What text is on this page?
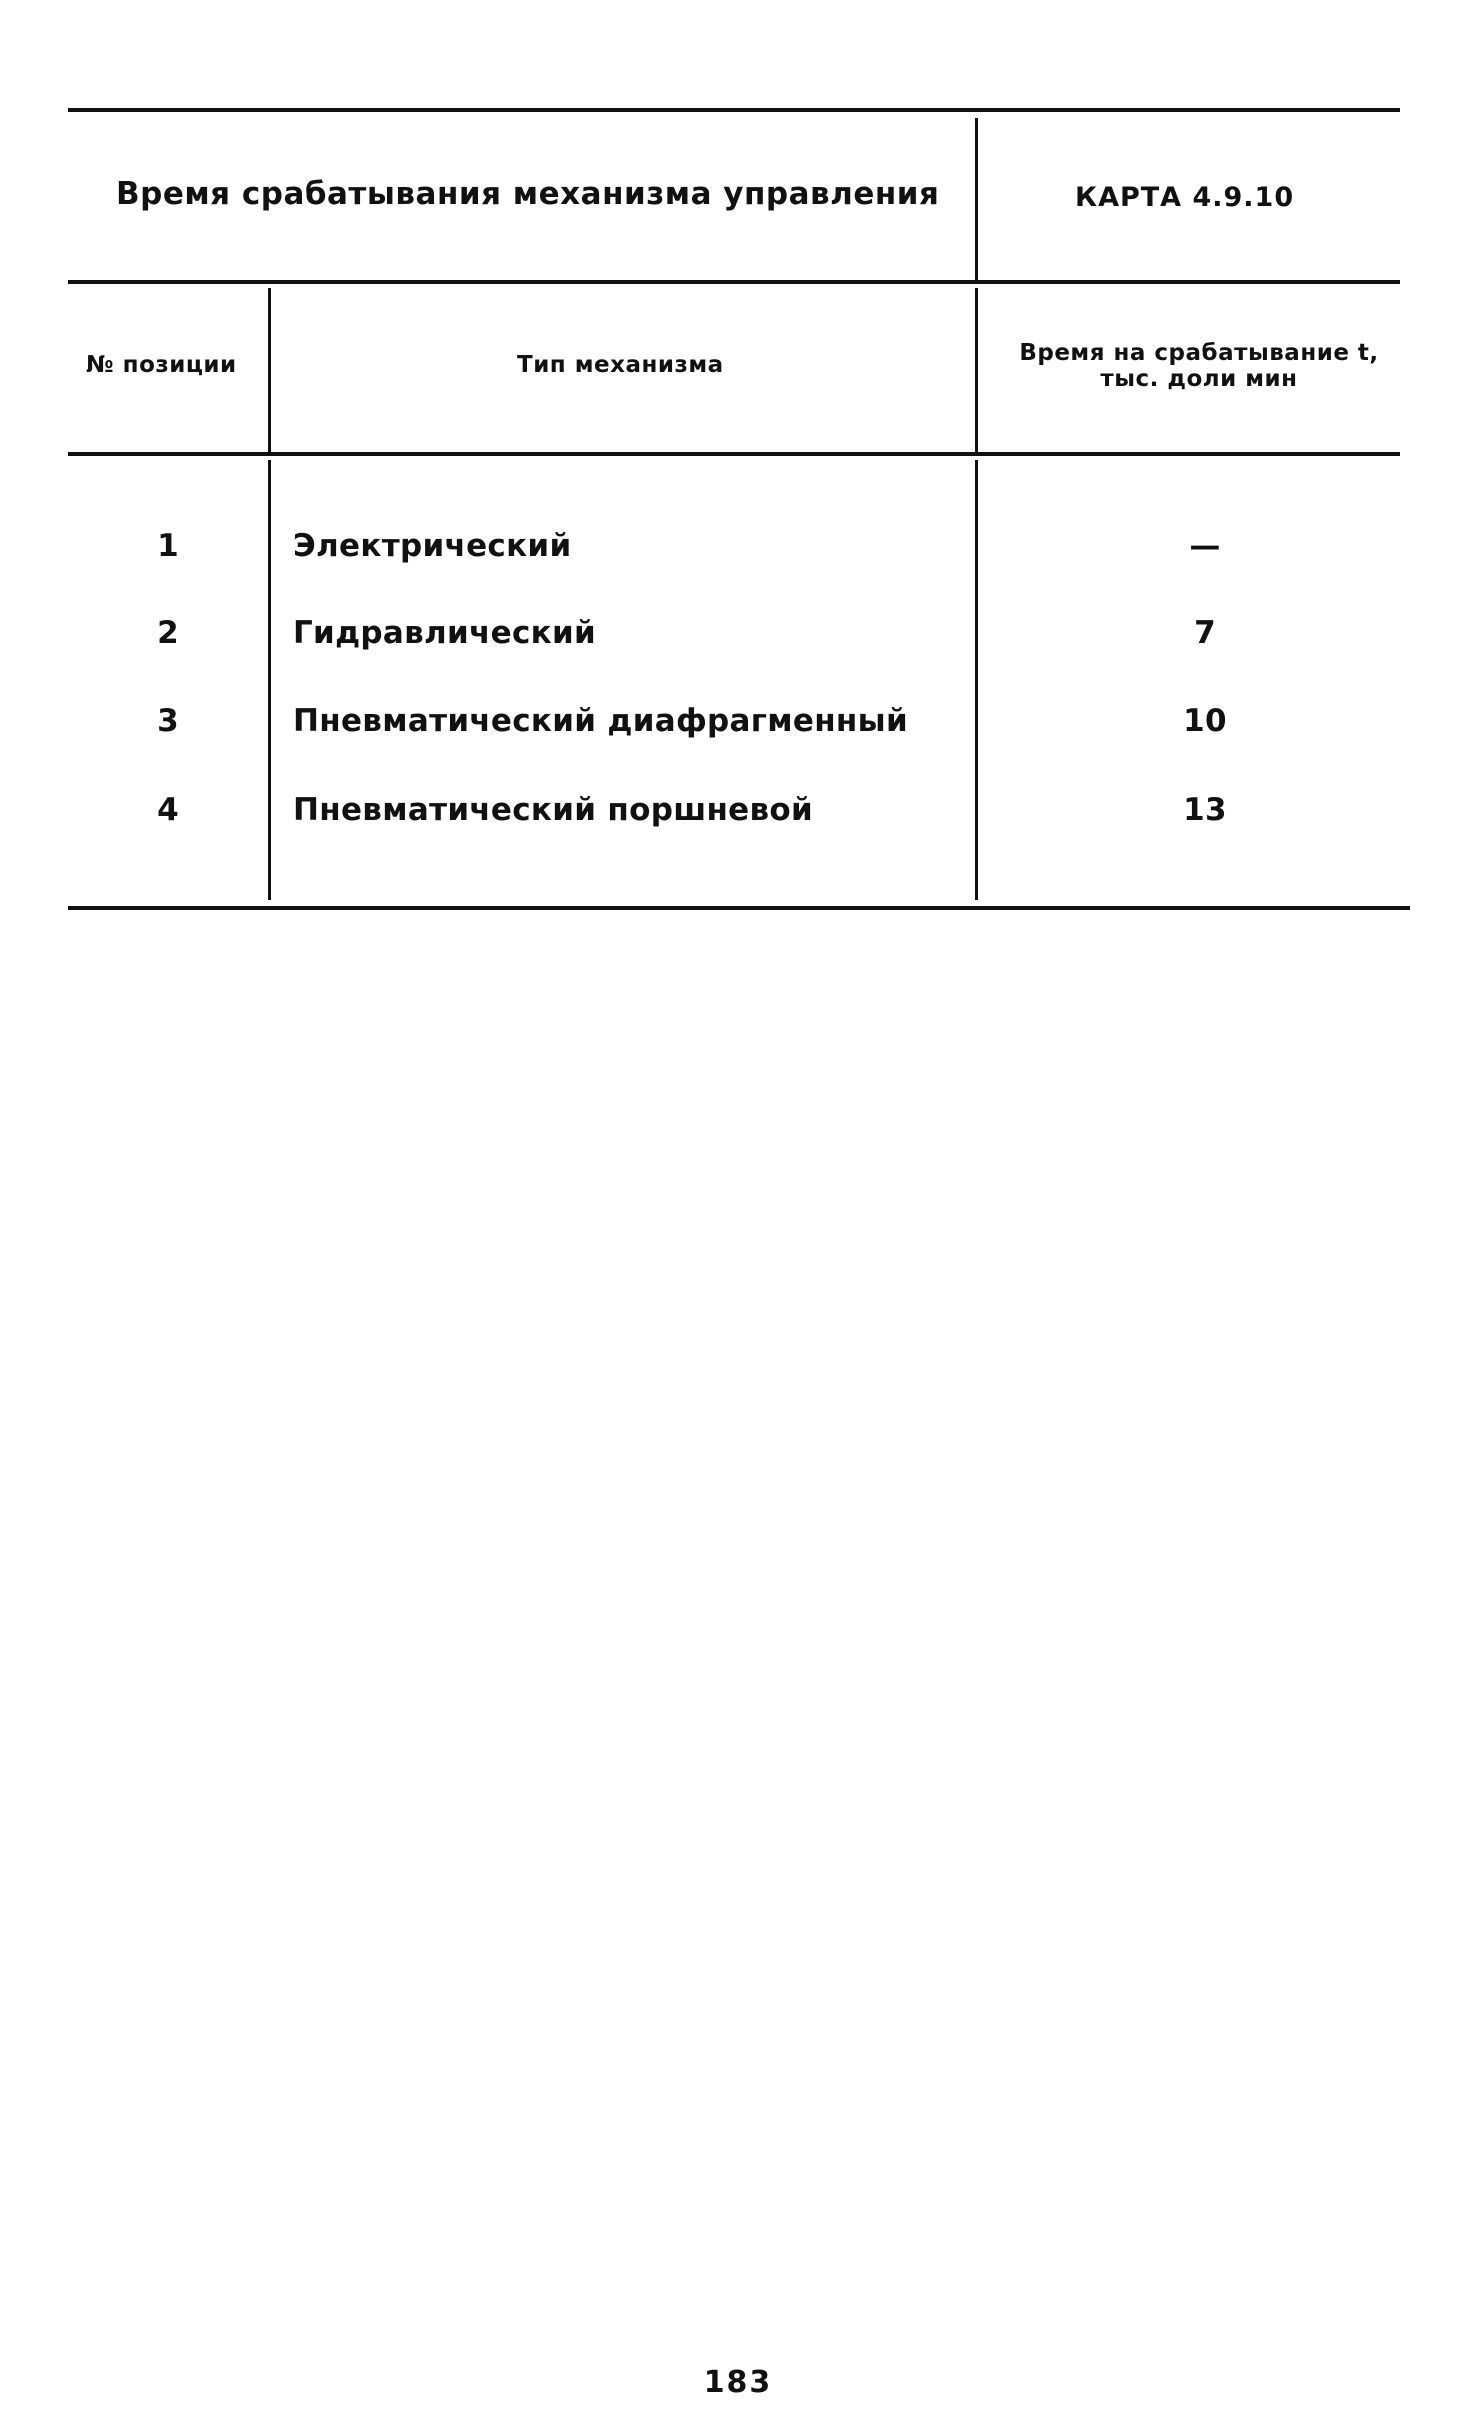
Время срабатывания механизма управления	КАРТА 4.9.10
№ позиции	Тип механизма	Время на срабатывание t, тыс. доли мин
1	Электрический	—
2	Гидравлический	7
3	Пневматический диафрагменный	10
4	Пневматический поршневой	13
183
